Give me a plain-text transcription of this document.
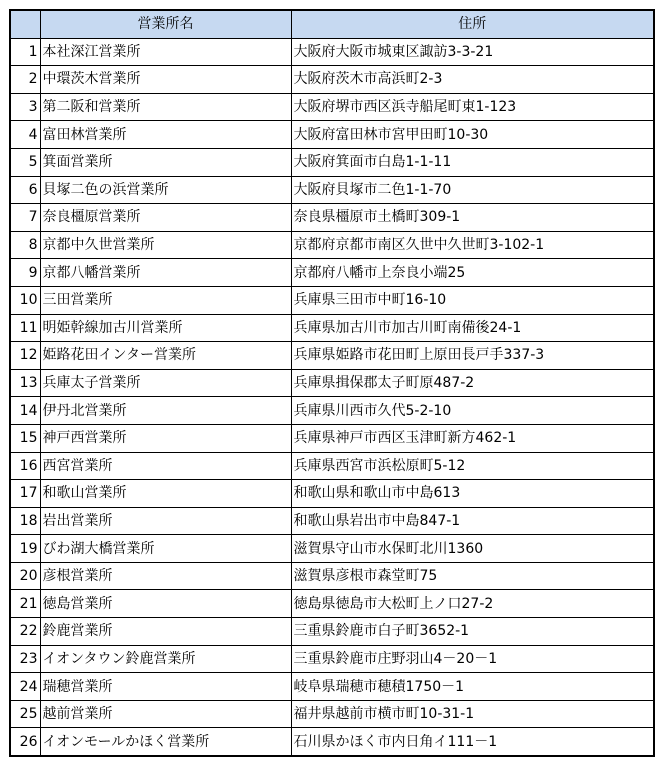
	営業所名	住所
1	本社深江営業所	大阪府大阪市城東区諏訪3-3-21
2	中環茨木営業所	大阪府茨木市高浜町2-3
3	第二阪和営業所	大阪府堺市西区浜寺船尾町東1-123
4	富田林営業所	大阪府富田林市宮甲田町10-30
5	箕面営業所	大阪府箕面市白島1-1-11
6	貝塚二色の浜営業所	大阪府貝塚市二色1-1-70
7	奈良橿原営業所	奈良県橿原市土橋町309-1
8	京都中久世営業所	京都府京都市南区久世中久世町3-102-1
9	京都八幡営業所	京都府八幡市上奈良小端25
10	三田営業所	兵庫県三田市中町16-10
11	明姫幹線加古川営業所	兵庫県加古川市加古川町南備後24-1
12	姫路花田インター営業所	兵庫県姫路市花田町上原田長戸手337-3
13	兵庫太子営業所	兵庫県揖保郡太子町原487-2
14	伊丹北営業所	兵庫県川西市久代5-2-10
15	神戸西営業所	兵庫県神戸市西区玉津町新方462-1
16	西宮営業所	兵庫県西宮市浜松原町5-12
17	和歌山営業所	和歌山県和歌山市中島613
18	岩出営業所	和歌山県岩出市中島847-1
19	びわ湖大橋営業所	滋賀県守山市水保町北川1360
20	彦根営業所	滋賀県彦根市森堂町75
21	徳島営業所	徳島県徳島市大松町上ノ口27-2
22	鈴鹿営業所	三重県鈴鹿市白子町3652-1
23	イオンタウン鈴鹿営業所	三重県鈴鹿市庄野羽山4－20－1
24	瑞穂営業所	岐阜県瑞穂市穂積1750－1
25	越前営業所	福井県越前市横市町10-31-1
26	イオンモールかほく営業所	石川県かほく市内日角イ111－1
